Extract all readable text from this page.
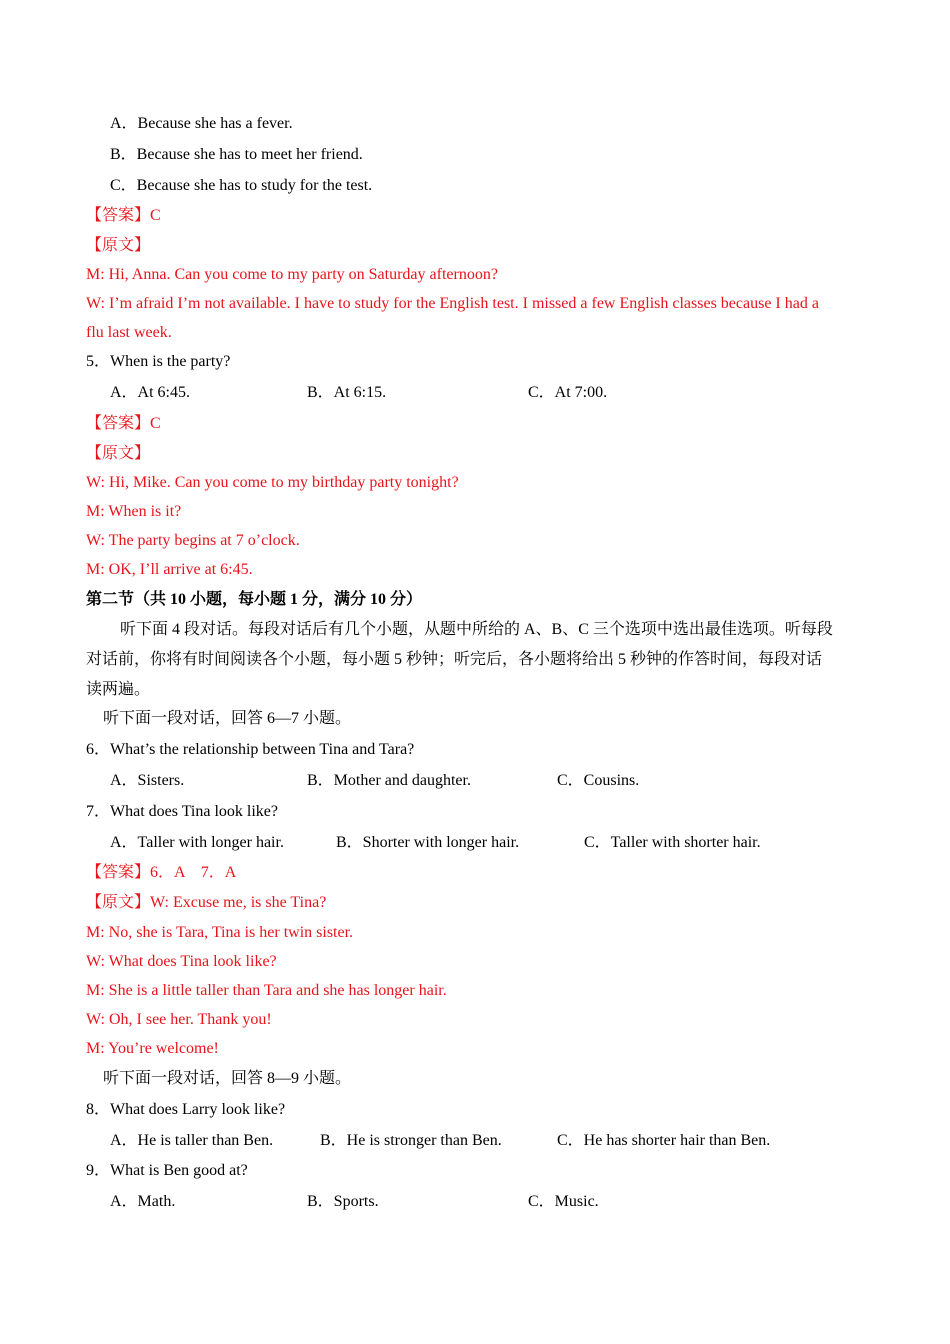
A．Because she has a fever.
B．Because she has to meet her friend.
C．Because she has to study for the test.
【答案】C
【原文】
M: Hi, Anna. Can you come to my party on Saturday afternoon?
W: I’m afraid I’m not available. I have to study for the English test. I missed a few English classes because I had a
flu last week.
5．When is the party?
A．At 6:45.	B．At 6:15.	C．At 7:00.
【答案】C
【原文】
W: Hi, Mike. Can you come to my birthday party tonight?
M: When is it?
W: The party begins at 7 o’clock.
M: OK, I’ll arrive at 6:45.
第二节（共 10 小题，每小题 1 分，满分 10 分）
听下面 4 段对话。每段对话后有几个小题，从题中所给的 A、B、C 三个选项中选出最佳选项。听每段
对话前，你将有时间阅读各个小题，每小题 5 秒钟；听完后，各小题将给出 5 秒钟的作答时间，每段对话
读两遍。
听下面一段对话，回答 6—7 小题。
6．What’s the relationship between Tina and Tara?
A．Sisters.	B．Mother and daughter.	C．Cousins.
7．What does Tina look like?
A．Taller with longer hair.	B．Shorter with longer hair.	C．Taller with shorter hair.
【答案】6．A　7．A
【原文】W: Excuse me, is she Tina?
M: No, she is Tara, Tina is her twin sister.
W: What does Tina look like?
M: She is a little taller than Tara and she has longer hair.
W: Oh, I see her. Thank you!
M: You’re welcome!
听下面一段对话，回答 8—9 小题。
8．What does Larry look like?
A．He is taller than Ben.	B．He is stronger than Ben.	C．He has shorter hair than Ben.
9．What is Ben good at?
A．Math.	B．Sports.	C．Music.
